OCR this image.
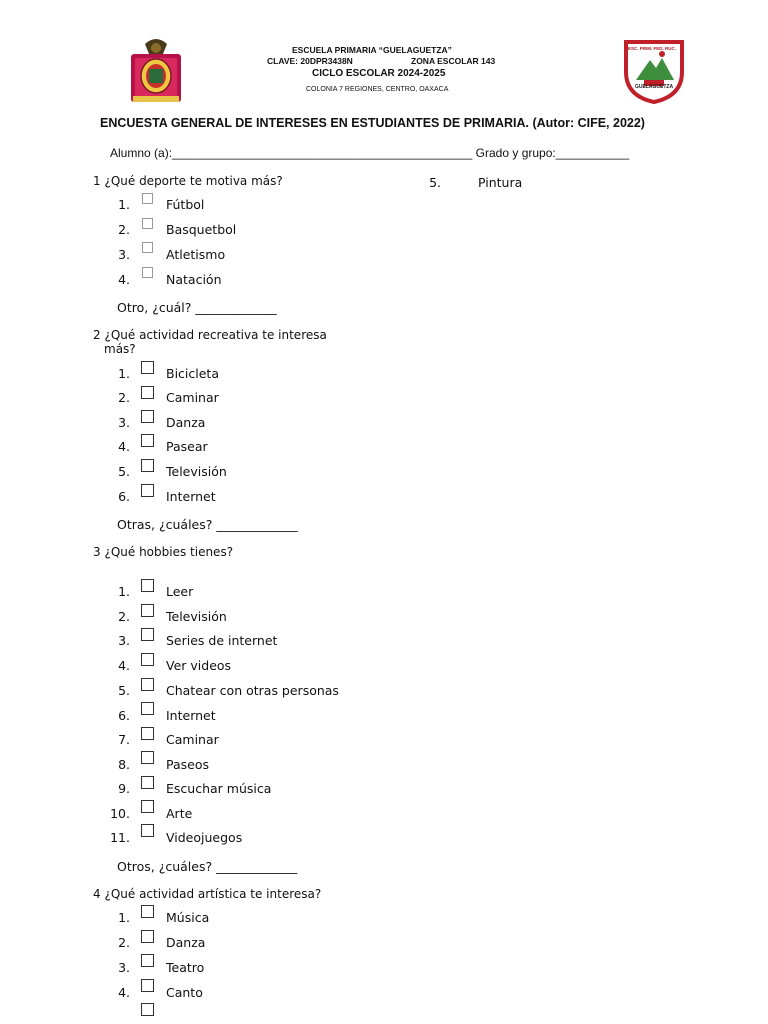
ESC. PRIM. FED. RUC.
GUELAGUETZA
ESCUELA PRIMARIA “GUELAGUETZA”
CLAVE: 20DPR3438N	ZONA ESCOLAR 143
CICLO ESCOLAR 2024-2025
COLONIA 7 REGIONES, CENTRO, OAXACA
ENCUESTA GENERAL DE INTERESES EN ESTUDIANTES DE PRIMARIA. (Autor: CIFE, 2022)
Alumno (a):_____________________________________________ Grado y grupo:___________
1 ¿Qué deporte te motiva más?
1.	Fútbol
2.	Basquetbol
3.	Atletismo
4.	Natación
Otro, ¿cuál? _____________
5.	Pintura
2 ¿Qué actividad recreativa te interesa
más?
1.	Bicicleta
2.	Caminar
3.	Danza
4.	Pasear
5.	Televisión
6.	Internet
Otras, ¿cuáles? _____________
3 ¿Qué hobbies tienes?
1.	Leer
2.	Televisión
3.	Series de internet
4.	Ver videos
5.	Chatear con otras personas
6.	Internet
7.	Caminar
8.	Paseos
9.	Escuchar música
10.	Arte
11.	Videojuegos
Otros, ¿cuáles? _____________
4 ¿Qué actividad artística te interesa?
1.	Música
2.	Danza
3.	Teatro
4.	Canto
